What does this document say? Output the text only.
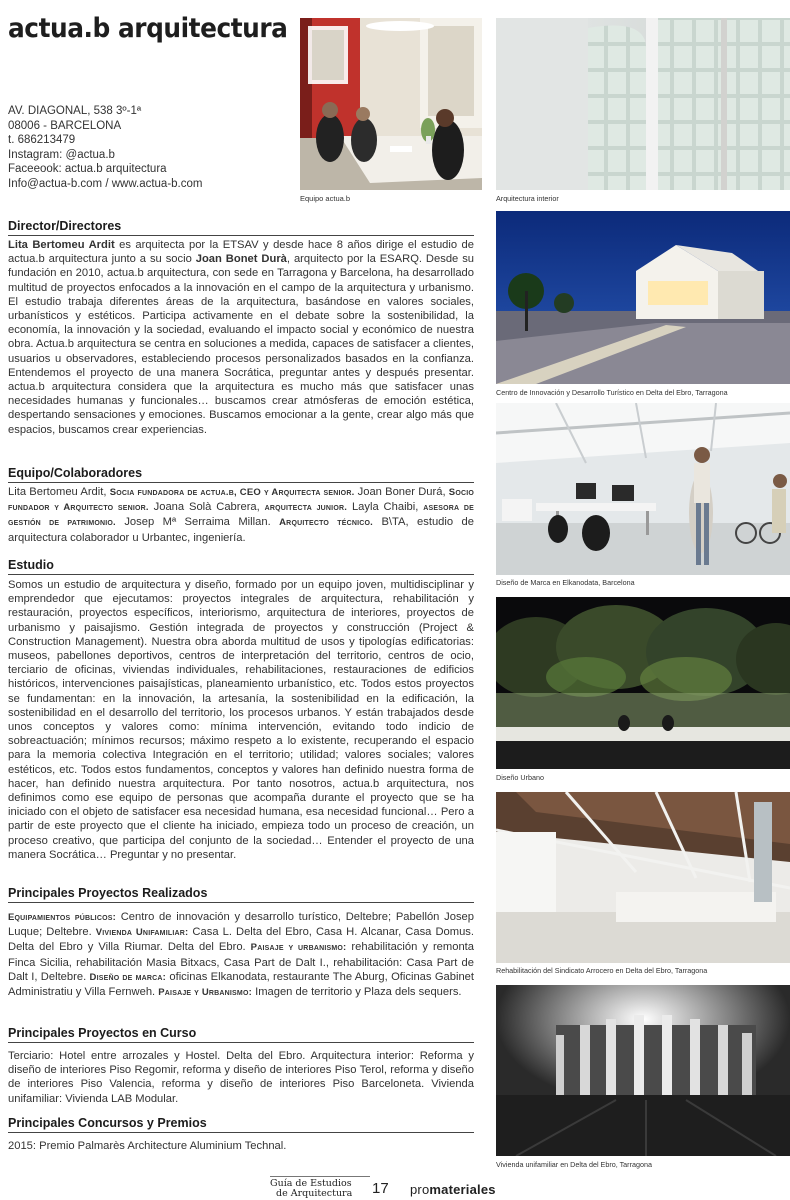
actua.b arquitectura
AV. DIAGONAL, 538 3º-1ª
08006 - BARCELONA
t. 686213479
Instagram: @actua.b
Faceeook: actua.b arquitectura
Info@actua-b.com / www.actua-b.com
Equipo actua.b
Director/Directores

Lita Bertomeu Ardit es arquitecta por la ETSAV y desde hace 8 años dirige el estudio de actua.b arquitectura junto a su socio Joan Bonet Durà, arquitecto por la ESARQ. Desde su fundación en 2010, actua.b arquitectura, con sede en Tarragona y Barcelona, ha desarrollado multitud de proyectos enfocados a la innovación en el campo de la arquitectura y urbanismo. El estudio trabaja diferentes áreas de la arquitectura, basándose en valores sociales, urbanísticos y estéticos. Participa activamente en el debate sobre la sostenibilidad, la economía, la innovación y la sociedad, evaluando el impacto social y económico de nuestra obra. Actua.b arquitectura se centra en soluciones a medida, capaces de satisfacer a clientes, usuarios u observadores, estableciendo procesos personalizados basados en la confianza. Entendemos el proyecto de una manera Socrática, preguntar antes y después presentar. actua.b arquitectura considera que la arquitectura es mucho más que satisfacer unas necesidades humanas y funcionales… buscamos crear atmósferas de emoción estética, despertando sensaciones y emociones. Buscamos emocionar a la gente, crear algo más que espacios, buscamos crear experiencias.

Equipo/Colaboradores

Lita Bertomeu Ardit, Socia fundadora de actua.b, CEO y Arquitecta senior. Joan Boner Durá, Socio fundador y Arquitecto senior. Joana Solà Cabrera, arquitecta junior. Layla Chaibi, asesora de gestión de patrimonio. Josep Mª Serraima Millan. Arquitecto técnico. B\TA, estudio de arquitectura colaborador u Urbantec, ingeniería.

Estudio

Somos un estudio de arquitectura y diseño, formado por un equipo joven, multidisciplinar y emprendedor que ejecutamos: proyectos integrales de arquitectura, rehabilitación y restauración, proyectos específicos, interiorismo, arquitectura de interiores, proyectos de urbanismo y paisajismo. Gestión integrada de proyectos y construcción (Project & Construction Management). Nuestra obra aborda multitud de usos y tipologías edificatorias: museos, pabellones deportivos, centros de interpretación del territorio, centros de ocio, terciario de oficinas, viviendas individuales, rehabilitaciones, restauraciones de edificios históricos, intervenciones paisajísticas, planeamiento urbanístico, etc. Todos estos proyectos se fundamentan: en la innovación, la artesanía, la sostenibilidad en la edificación, la sostenibilidad en el desarrollo del territorio, los procesos urbanos. Y están trabajados desde unos conceptos y valores como: mínima intervención, evitando todo indicio de sobreactuación; mínimos recursos; máximo respeto a lo existente, recuperando el espacio para la memoria colectiva Integración en el territorio; utilidad; valores sociales; valores estéticos, etc. Todos estos fundamentos, conceptos y valores han definido nuestra forma de hacer, han definido nuestra arquitectura. Por tanto nosotros, actua.b arquitectura, nos definimos como ese equipo de personas que acompaña durante el proyecto que se ha iniciado con el objeto de satisfacer esa necesidad humana, esa necesidad funcional… Pero a partir de este proyecto que el cliente ha iniciado, empieza todo un proceso de creación, un proceso creativo, que participa del conjunto de la sociedad… Entender el proyecto de una manera Socrática… Preguntar y no presentar.

Principales Proyectos Realizados

Equipamientos públicos: Centro de innovación y desarrollo turístico, Deltebre; Pabellón Josep Luque; Deltebre. Vivienda Unifamiliar: Casa L. Delta del Ebro, Casa H. Alcanar, Casa Domus. Delta del Ebro y Villa Riumar. Delta del Ebro. Paisaje y urbanismo: rehabilitación y remonta Finca Sicilia, rehabilitación Masia Bitxacs, Casa Part de Dalt I., rehabilitación: Casa Part de Dalt I, Deltebre. Diseño de marca: oficinas Elkanodata, restaurante The Aburg, Oficinas Gabinet Administratiu y Villa Fernweh. Paisaje y Urbanismo: Imagen de territorio y Plaza dels sequers.

Principales Proyectos en Curso

Terciario: Hotel entre arrozales y Hostel. Delta del Ebro. Arquitectura interior: Reforma y diseño de interiores Piso Regomir, reforma y diseño de interiores Piso Terol, reforma y diseño de interiores Piso Valencia, reforma y diseño de interiores Piso Barceloneta. Vivienda unifamiliar: Vivienda LAB Modular.

Principales Concursos y Premios

2015: Premio Palmarès Architecture Aluminium Technal.

Arquitectura interior
Centro de Innovación y Desarrollo Turístico en Delta del Ebro, Tarragona
Diseño de Marca en Elkanodata, Barcelona
Diseño Urbano
Rehabilitación del Sindicato Arrocero en Delta del Ebro, Tarragona
Vivienda unifamiliar en Delta del Ebro, Tarragona
Guía de Estudios
de Arquitectura 17 promateriales
